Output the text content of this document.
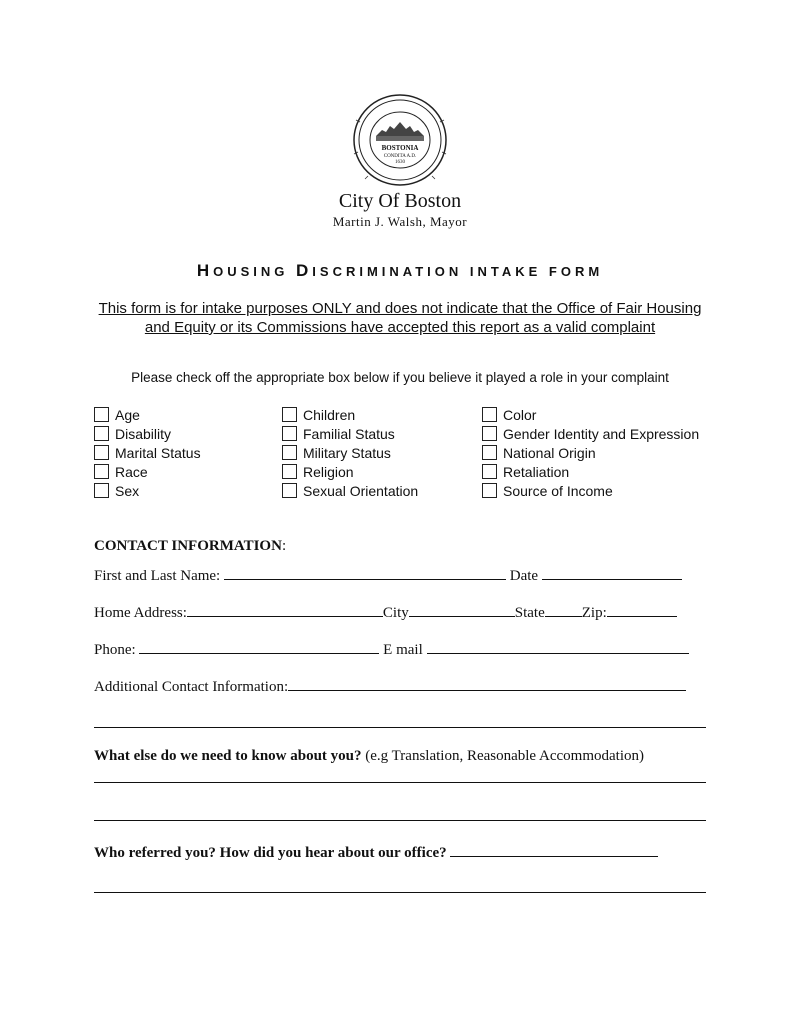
BOSTONIA
CONDITA A.D.
1630
City Of Boston
Martin J. Walsh, Mayor
HOUSING DISCRIMINATION INTAKE FORM
This form is for intake purposes ONLY and does not indicate that the Office of Fair Housing and Equity or its Commissions have accepted this report as a valid complaint
Please check off the appropriate box below if you believe it played a role in your complaint
Age
Disability
Marital Status
Race
Sex
Children
Familial Status
Military Status
Religion
Sexual Orientation
Color
Gender Identity and Expression
National Origin
Retaliation
Source of Income
CONTACT INFORMATION:
First and Last Name:	Date
Home Address:	City	State Zip:
Phone:	E mail
Additional Contact Information:
What else do we need to know about you? (e.g Translation, Reasonable Accommodation)
Who referred you? How did you hear about our office?
